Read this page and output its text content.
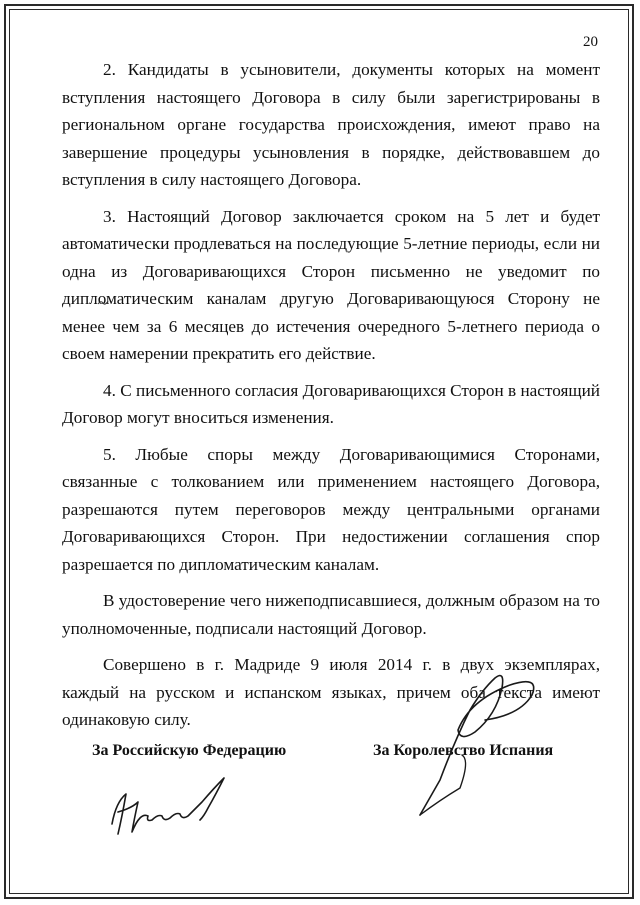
20

2. Кандидаты в усыновители, документы которых на момент вступления настоящего Договора в силу были зарегистрированы в региональном органе государства происхождения, имеют право на завершение процедуры усыновления в порядке, действовавшем до вступления в силу настоящего Договора.

3. Настоящий Договор заключается сроком на 5 лет и будет автоматически продлеваться на последующие 5-летние периоды, если ни одна из Договаривающихся Сторон письменно не уведомит по дипломатическим каналам другую Договаривающуюся Сторону не менее чем за 6 месяцев до истечения очередного 5-летнего периода о своем намерении прекратить его действие.

4. С письменного согласия Договаривающихся Сторон в настоящий Договор могут вноситься изменения.

5. Любые споры между Договаривающимися Сторонами, связанные с толкованием или применением настоящего Договора, разрешаются путем переговоров между центральными органами Договаривающихся Сторон. При недостижении соглашения спор разрешается по дипломатическим каналам.

В удостоверение чего нижеподписавшиеся, должным образом на то уполномоченные, подписали настоящий Договор.

Совершено в г. Мадриде 9 июля 2014 г. в двух экземплярах, каждый на русском и испанском языках, причем оба текста имеют одинаковую силу.

За Российскую Федерацию	За Королевство Испания
